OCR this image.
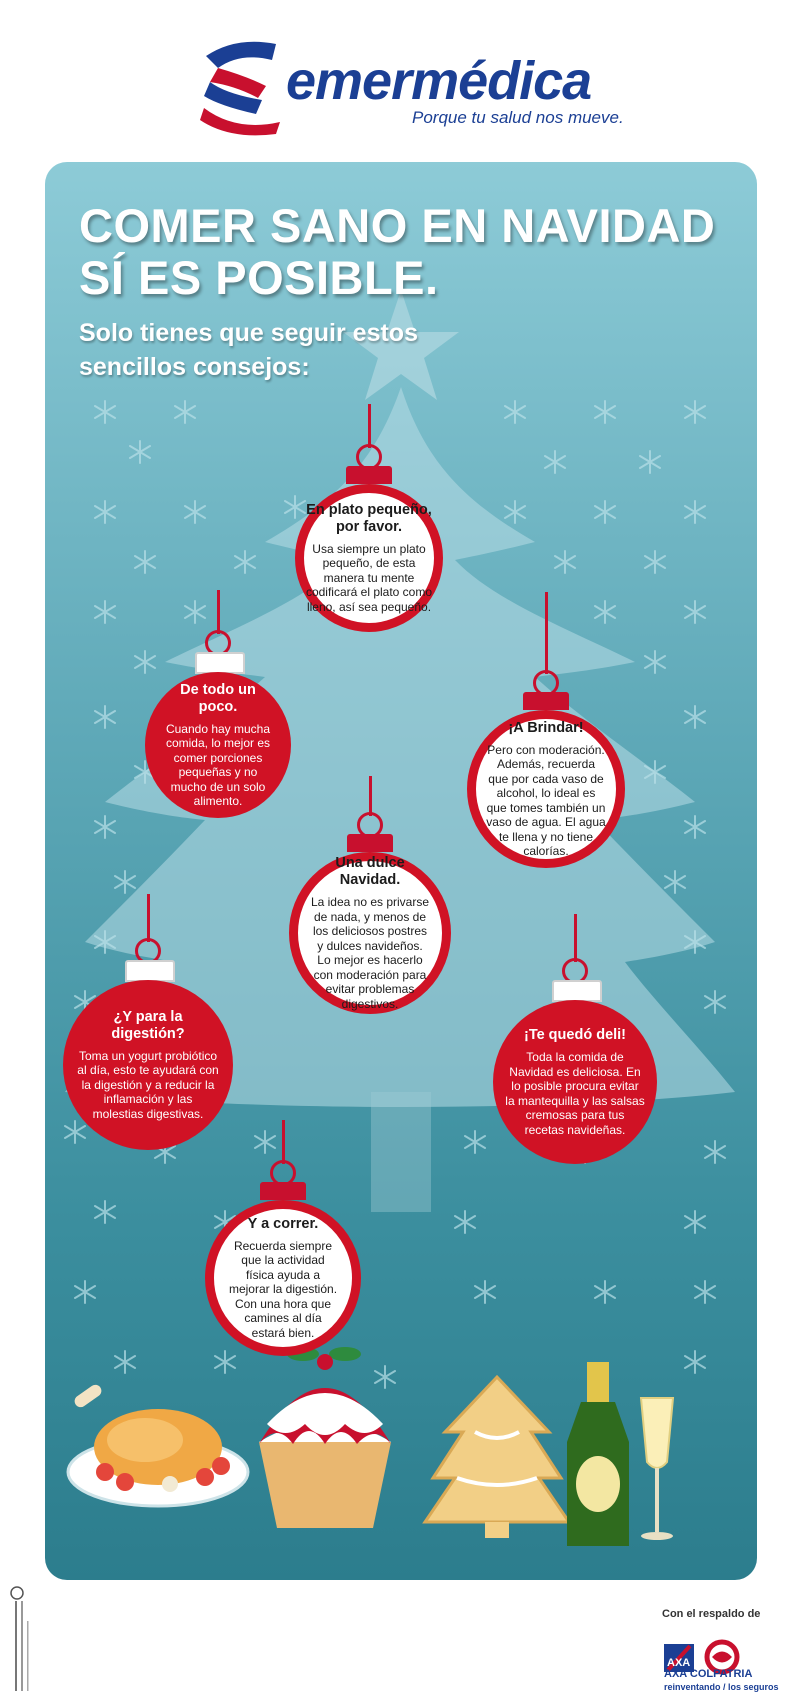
emermédica
Porque tu salud nos mueve.
COMER SANO EN NAVIDAD SÍ ES POSIBLE.
Solo tienes que seguir estos sencillos consejos:
En plato pequeño, por favor.

Usa siempre un plato pequeño, de esta manera tu mente codificará el plato como lleno, así sea pequeño.

De todo un poco.

Cuando hay mucha comida, lo mejor es comer porciones pequeñas y no mucho de un solo alimento.

¡A Brindar!

Pero con moderación. Además, recuerda que por cada vaso de alcohol, lo ideal es que tomes también un vaso de agua. El agua te llena y no tiene calorías.

Una dulce Navidad.

La idea no es privarse de nada, y menos de los deliciosos postres y dulces navideños. Lo mejor es hacerlo con moderación para evitar problemas digestivos.

¿Y para la digestión?

Toma un yogurt probiótico al día, esto te ayudará con la digestión y a reducir la inflamación y las molestias digestivas.

¡Te quedó deli!

Toda la comida de Navidad es deliciosa. En lo posible procura evitar la mantequilla y las salsas cremosas para tus recetas navideñas.

Y a correr.

Recuerda siempre que la actividad física ayuda a mejorar la digestión. Con una hora que camines al día estará bien.

Con el respaldo de
AXA
AXA COLPATRIA
reinventando / los seguros
